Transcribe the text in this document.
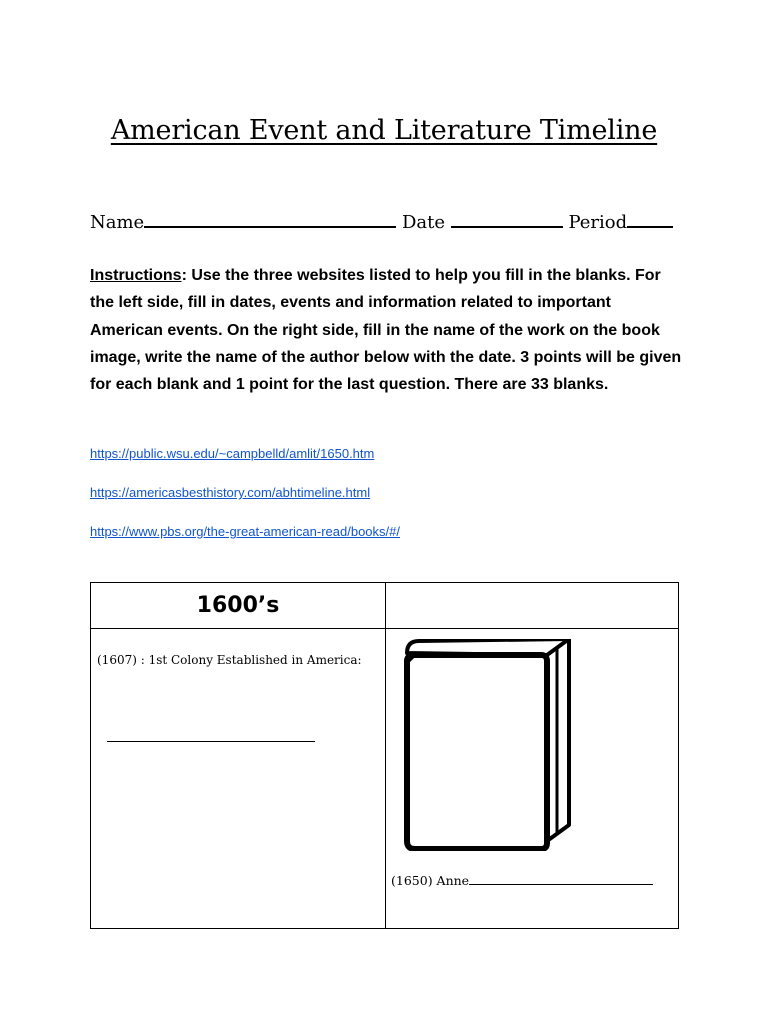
American Event and Literature Timeline
Name	Date	Period
Instructions: Use the three websites listed to help you fill in the blanks. For the left side, fill in dates, events and information related to important American events. On the right side, fill in the name of the work on the book image, write the name of the author below with the date. 3 points will be given for each blank and 1 point for the last question. There are 33 blanks.
https://public.wsu.edu/~campbelld/amlit/1650.htm
https://americasbesthistory.com/abhtimeline.html
https://www.pbs.org/the-great-american-read/books/#/
1600’s
(1607) : 1st Colony Established in America:
(1650) Anne
